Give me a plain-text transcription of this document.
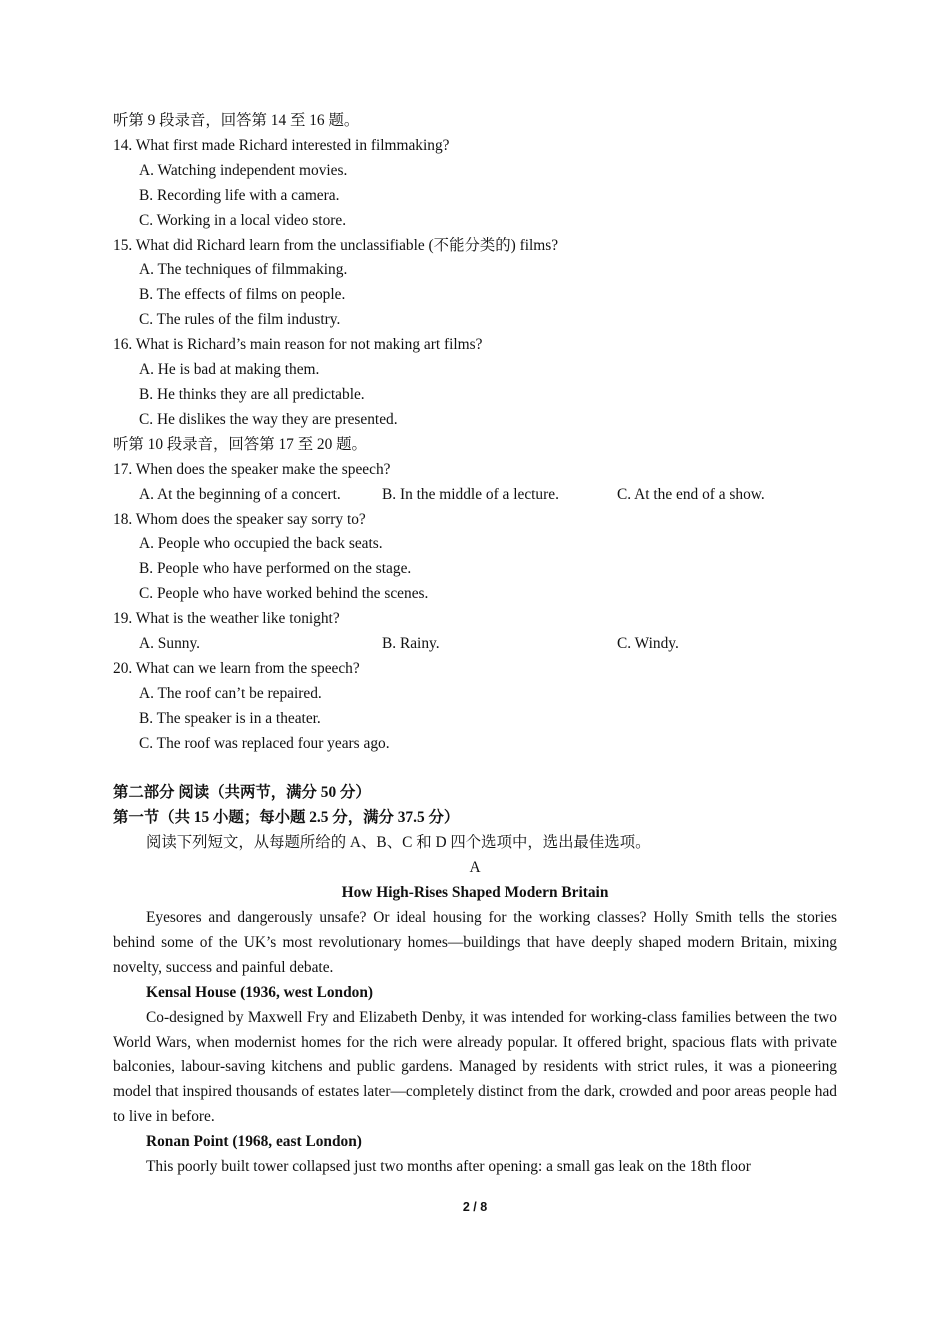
听第 9 段录音，回答第 14 至 16 题。
14. What first made Richard interested in filmmaking?
A. Watching independent movies.
B. Recording life with a camera.
C. Working in a local video store.
15. What did Richard learn from the unclassifiable (不能分类的) films?
A. The techniques of filmmaking.
B. The effects of films on people.
C. The rules of the film industry.
16. What is Richard’s main reason for not making art films?
A. He is bad at making them.
B. He thinks they are all predictable.
C. He dislikes the way they are presented.
听第 10 段录音，回答第 17 至 20 题。
17. When does the speaker make the speech?
A. At the beginning of a concert.	B. In the middle of a lecture.	C. At the end of a show.
18. Whom does the speaker say sorry to?
A. People who occupied the back seats.
B. People who have performed on the stage.
C. People who have worked behind the scenes.
19. What is the weather like tonight?
A. Sunny.	B. Rainy.	C. Windy.
20. What can we learn from the speech?
A. The roof can’t be repaired.
B. The speaker is in a theater.
C. The roof was replaced four years ago.
第二部分 阅读（共两节，满分 50 分）
第一节（共 15 小题；每小题 2.5 分，满分 37.5 分）
阅读下列短文，从每题所给的 A、B、C 和 D 四个选项中，选出最佳选项。
A
How High-Rises Shaped Modern Britain
Eyesores and dangerously unsafe? Or ideal housing for the working classes? Holly Smith tells the stories behind some of the UK’s most revolutionary homes—buildings that have deeply shaped modern Britain, mixing novelty, success and painful debate.
Kensal House (1936, west London)
Co-designed by Maxwell Fry and Elizabeth Denby, it was intended for working-class families between the two World Wars, when modernist homes for the rich were already popular. It offered bright, spacious flats with private balconies, labour-saving kitchens and public gardens. Managed by residents with strict rules, it was a pioneering model that inspired thousands of estates later—completely distinct from the dark, crowded and poor areas people had to live in before.
Ronan Point (1968, east London)
This poorly built tower collapsed just two months after opening: a small gas leak on the 18th floor
2 / 8
